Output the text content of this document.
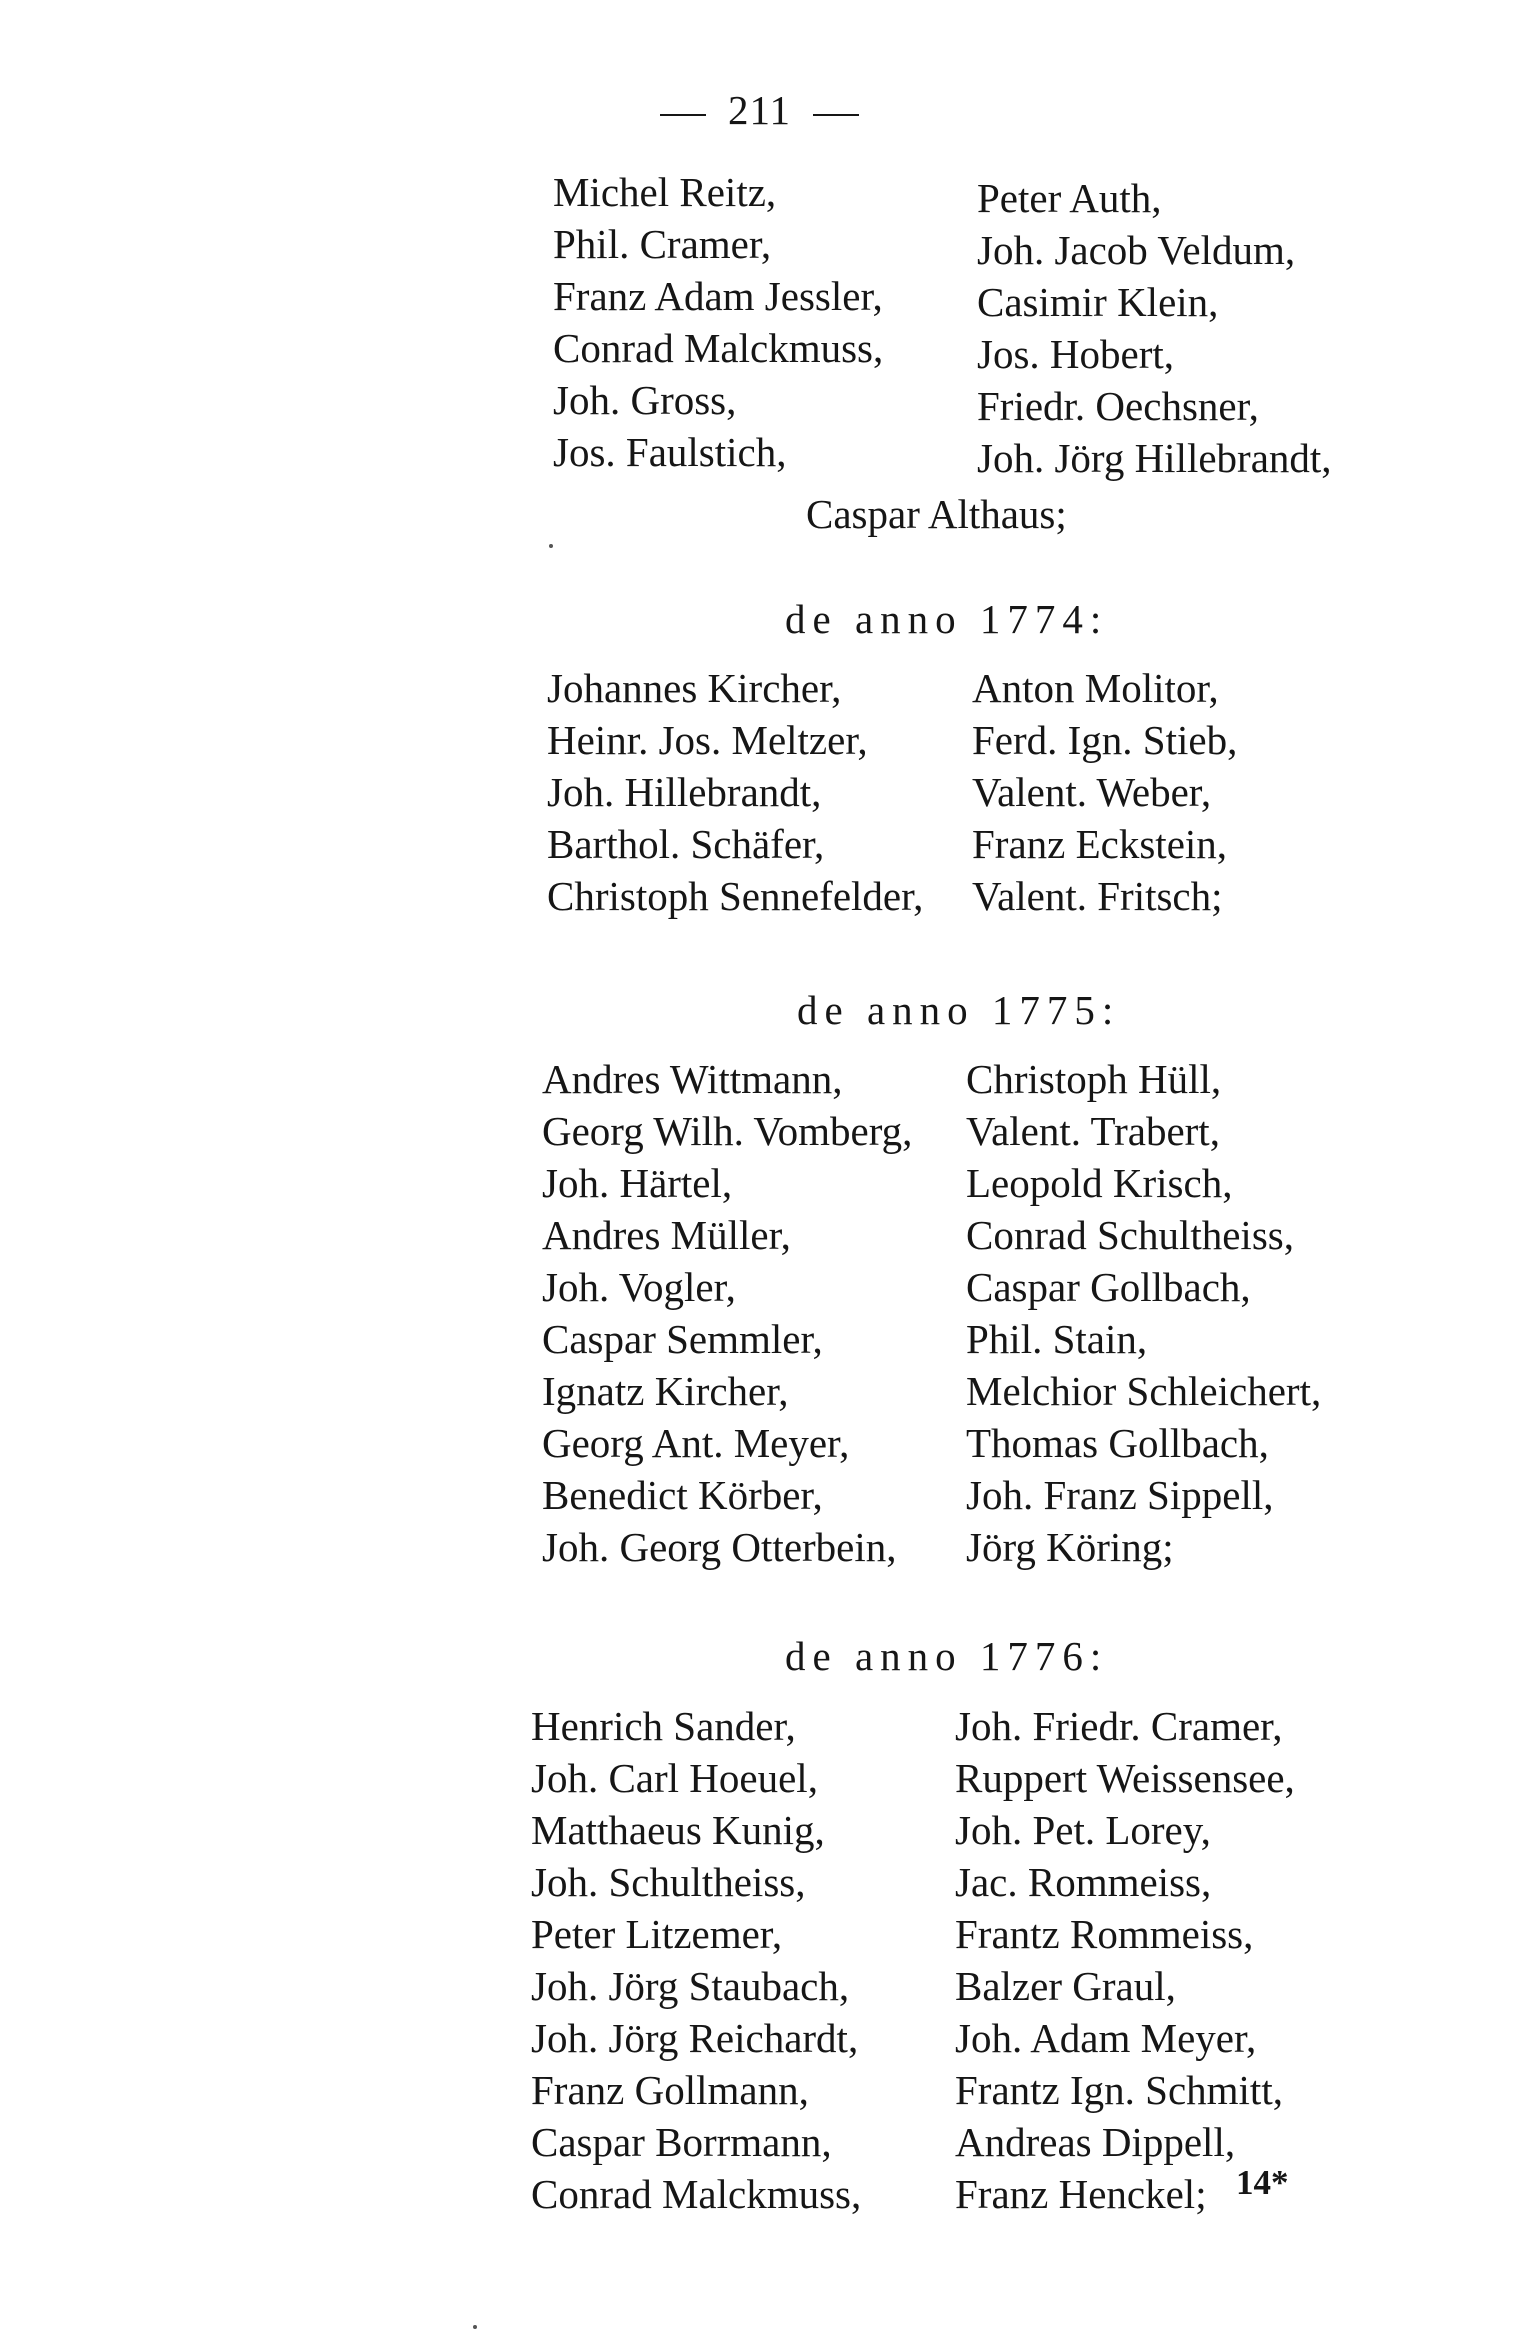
211
Michel Reitz,
Phil. Cramer,
Franz Adam Jessler,
Conrad Malckmuss,
Joh. Gross,
Jos. Faulstich,
Peter Auth,
Joh. Jacob Veldum,
Casimir Klein,
Jos. Hobert,
Friedr. Oechsner,
Joh. Jörg Hillebrandt,
Caspar Althaus;
de anno 1774:
Johannes Kircher,
Heinr. Jos. Meltzer,
Joh. Hillebrandt,
Barthol. Schäfer,
Christoph Sennefelder,
Anton Molitor,
Ferd. Ign. Stieb,
Valent. Weber,
Franz Eckstein,
Valent. Fritsch;
de anno 1775:
Andres Wittmann,
Georg Wilh. Vomberg,
Joh. Härtel,
Andres Müller,
Joh. Vogler,
Caspar Semmler,
Ignatz Kircher,
Georg Ant. Meyer,
Benedict Körber,
Joh. Georg Otterbein,
Christoph Hüll,
Valent. Trabert,
Leopold Krisch,
Conrad Schultheiss,
Caspar Gollbach,
Phil. Stain,
Melchior Schleichert,
Thomas Gollbach,
Joh. Franz Sippell,
Jörg Köring;
de anno 1776:
Henrich Sander,
Joh. Carl Hoeuel,
Matthaeus Kunig,
Joh. Schultheiss,
Peter Litzemer,
Joh. Jörg Staubach,
Joh. Jörg Reichardt,
Franz Gollmann,
Caspar Borrmann,
Conrad Malckmuss,
Joh. Friedr. Cramer,
Ruppert Weissensee,
Joh. Pet. Lorey,
Jac. Rommeiss,
Frantz Rommeiss,
Balzer Graul,
Joh. Adam Meyer,
Frantz Ign. Schmitt,
Andreas Dippell,
Franz Henckel; 14*
